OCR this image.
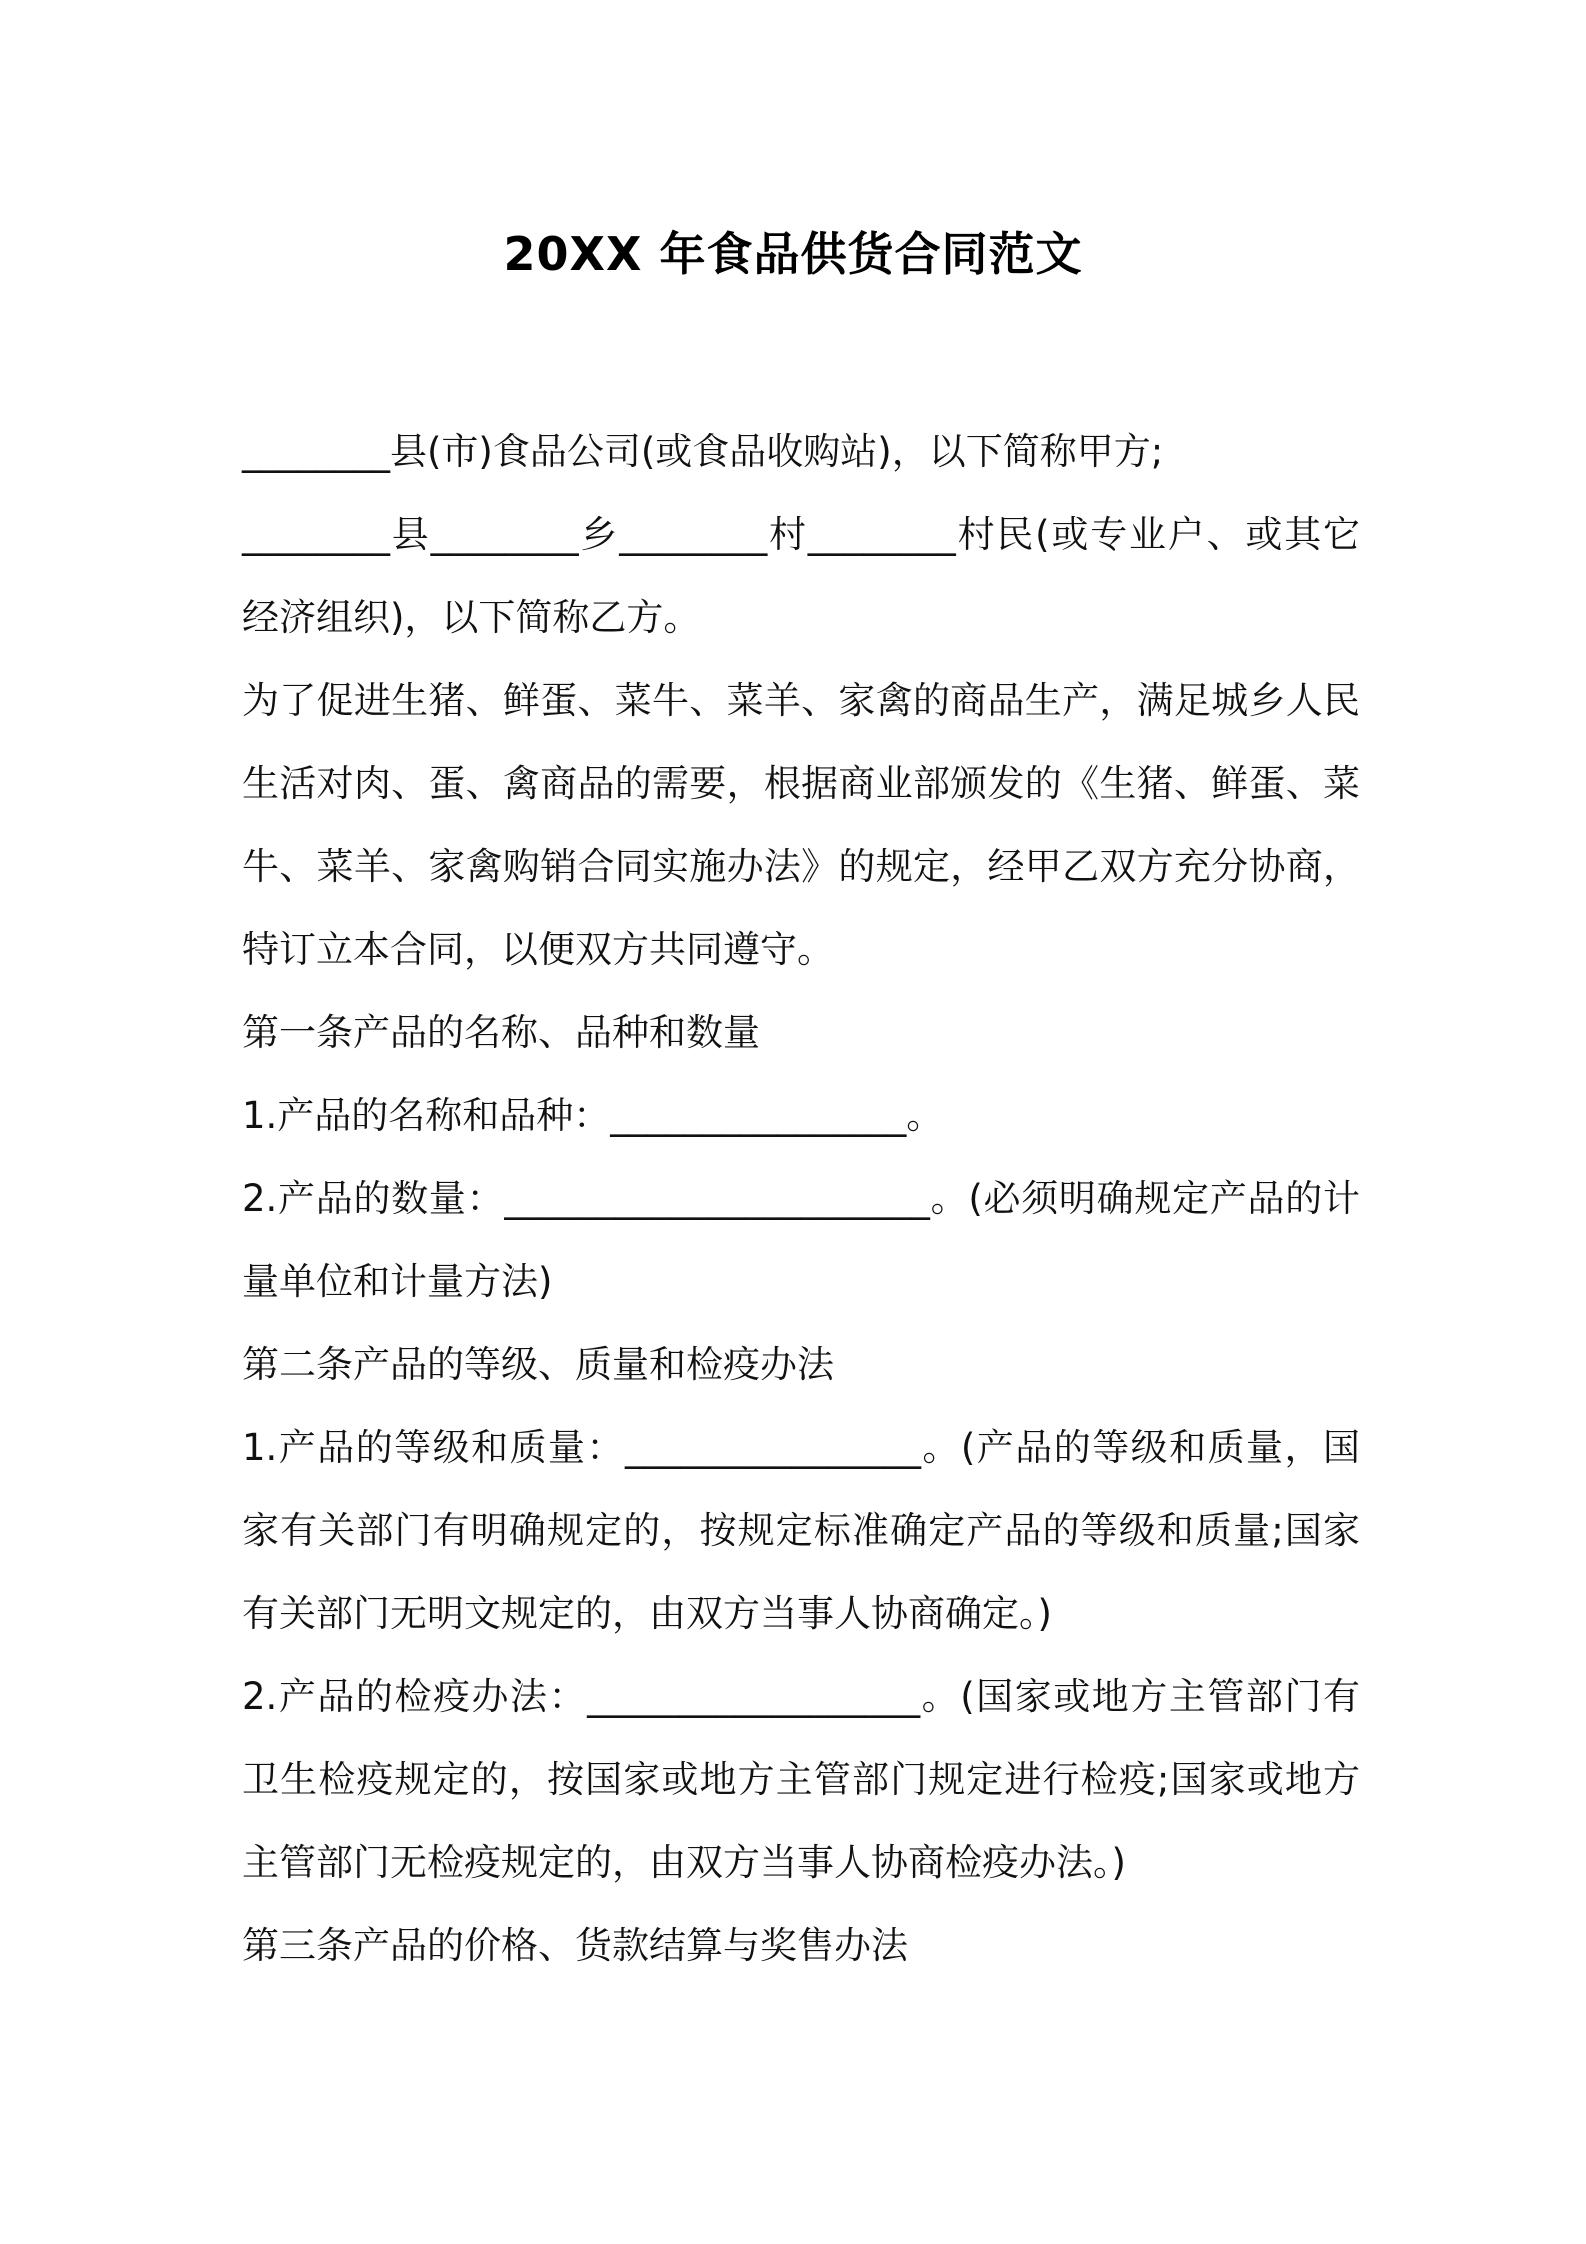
20XX 年食品供货合同范文

________县(市)食品公司(或食品收购站)，以下简称甲方;

________县________乡________村________村民(或专业户、或其它经济组织)，以下简称乙方。

为了促进生猪、鲜蛋、菜牛、菜羊、家禽的商品生产，满足城乡人民生活对肉、蛋、禽商品的需要，根据商业部颁发的《生猪、鲜蛋、菜牛、菜羊、家禽购销合同实施办法》的规定，经甲乙双方充分协商，特订立本合同，以便双方共同遵守。

第一条产品的名称、品种和数量

1.产品的名称和品种：________________。

2.产品的数量：_______________________。(必须明确规定产品的计量单位和计量方法)

第二条产品的等级、质量和检疫办法

1.产品的等级和质量：________________。(产品的等级和质量，国家有关部门有明确规定的，按规定标准确定产品的等级和质量;国家有关部门无明文规定的，由双方当事人协商确定。)

2.产品的检疫办法：__________________。(国家或地方主管部门有卫生检疫规定的，按国家或地方主管部门规定进行检疫;国家或地方主管部门无检疫规定的，由双方当事人协商检疫办法。)

第三条产品的价格、货款结算与奖售办法
